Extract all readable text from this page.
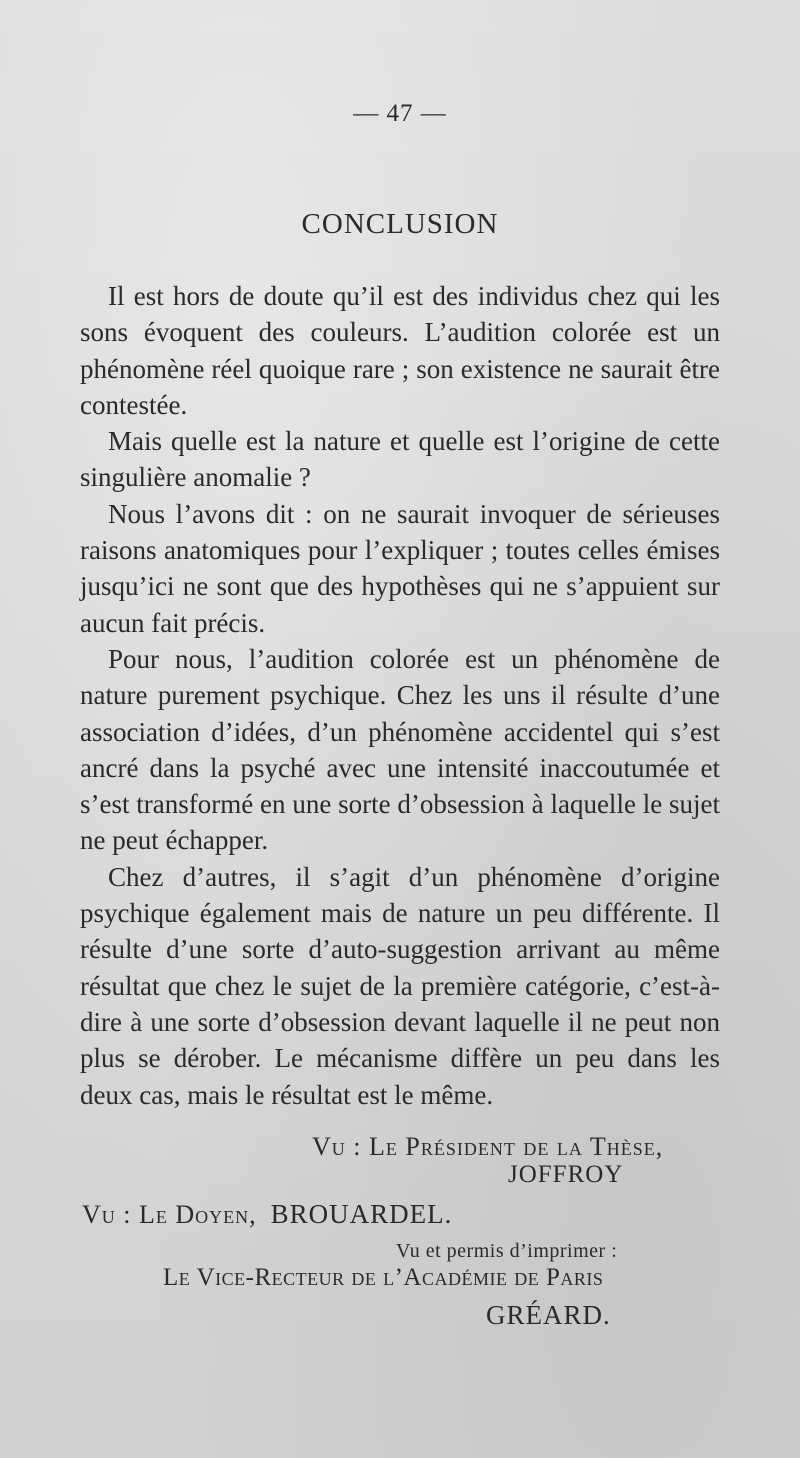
— 47 —
CONCLUSION

Il est hors de doute qu’il est des individus chez qui les sons évoquent des couleurs. L’audition colorée est un phénomène réel quoique rare ; son existence ne saurait être contestée.

Mais quelle est la nature et quelle est l’origine de cette singulière anomalie ?

Nous l’avons dit : on ne saurait invoquer de sérieuses raisons anatomiques pour l’expliquer ; toutes celles émises jusqu’ici ne sont que des hypothèses qui ne s’appuient sur aucun fait précis.

Pour nous, l’audition colorée est un phénomène de nature purement psychique. Chez les uns il résulte d’une association d’idées, d’un phénomène accidentel qui s’est ancré dans la psyché avec une intensité inaccoutumée et s’est transformé en une sorte d’obsession à laquelle le sujet ne peut échapper.

Chez d’autres, il s’agit d’un phénomène d’origine psychique également mais de nature un peu différente. Il résulte d’une sorte d’auto-suggestion arrivant au même résultat que chez le sujet de la première catégorie, c’est-à-dire à une sorte d’obsession devant laquelle il ne peut non plus se dérober. Le mécanisme diffère un peu dans les deux cas, mais le résultat est le même.

Vu : Le Président de la Thèse,
JOFFROY
Vu : Le Doyen, BROUARDEL.
Vu et permis d’imprimer :
Le Vice-Recteur de l’Académie de Paris
GRÉARD.
